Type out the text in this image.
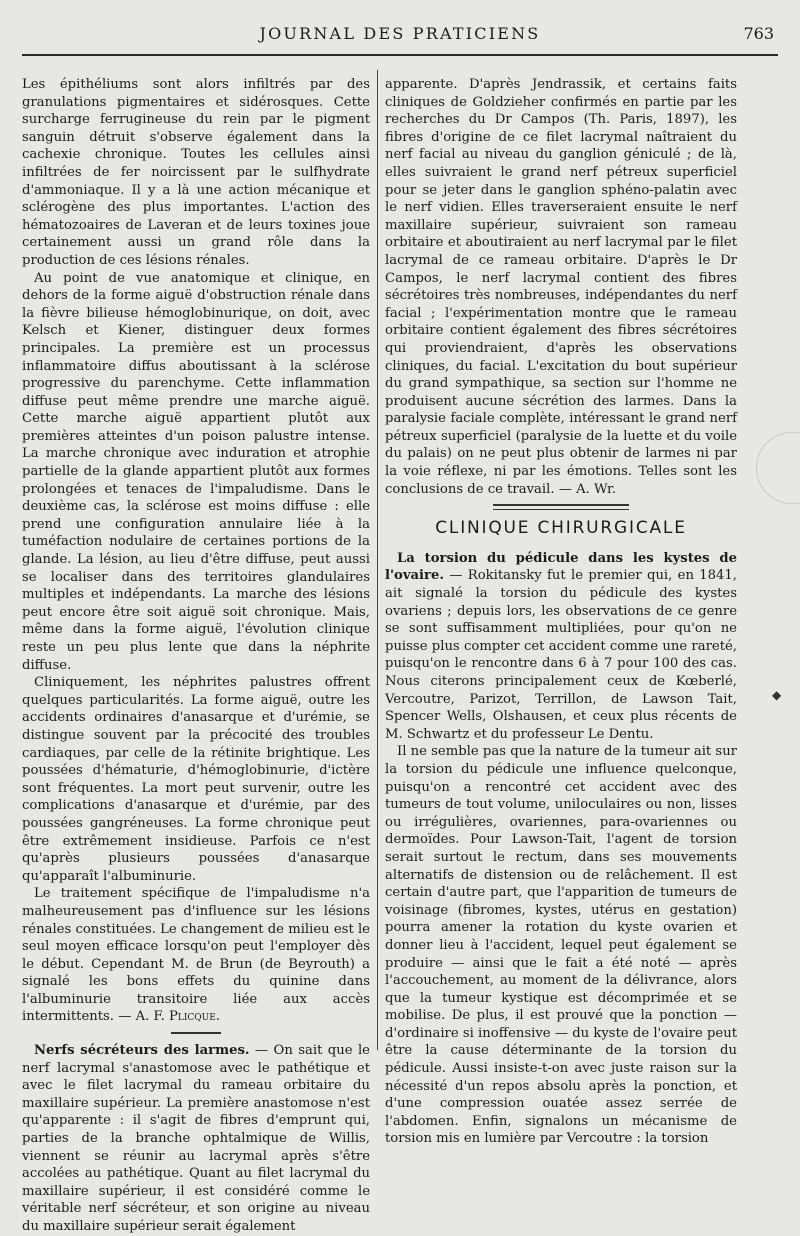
JOURNAL DES PRATICIENS	763

Les épithéliums sont alors infiltrés par des granulations pigmentaires et sidérosques. Cette surcharge ferrugineuse du rein par le pigment sanguin détruit s'observe également dans la cachexie chronique. Toutes les cellules ainsi infiltrées de fer noircissent par le sulfhydrate d'ammoniaque. Il y a là une action mécanique et sclérogène des plus importantes. L'action des hématozoaires de Laveran et de leurs toxines joue certainement aussi un grand rôle dans la production de ces lésions rénales.

Au point de vue anatomique et clinique, en dehors de la forme aiguë d'obstruction rénale dans la fièvre bilieuse hémoglobinurique, on doit, avec Kelsch et Kiener, distinguer deux formes principales. La première est un processus inflammatoire diffus aboutissant à la sclérose progressive du parenchyme. Cette inflammation diffuse peut même prendre une marche aiguë. Cette marche aiguë appartient plutôt aux premières atteintes d'un poison palustre intense. La marche chronique avec induration et atrophie partielle de la glande appartient plutôt aux formes prolongées et tenaces de l'impaludisme. Dans le deuxième cas, la sclérose est moins diffuse : elle prend une configuration annulaire liée à la tuméfaction nodulaire de certaines portions de la glande. La lésion, au lieu d'être diffuse, peut aussi se localiser dans des territoires glandulaires multiples et indépendants. La marche des lésions peut encore être soit aiguë soit chronique. Mais, même dans la forme aiguë, l'évolution clinique reste un peu plus lente que dans la néphrite diffuse.

Cliniquement, les néphrites palustres offrent quelques particularités. La forme aiguë, outre les accidents ordinaires d'anasarque et d'urémie, se distingue souvent par la précocité des troubles cardiaques, par celle de la rétinite brightique. Les poussées d'hématurie, d'hémoglobinurie, d'ictère sont fréquentes. La mort peut survenir, outre les complications d'anasarque et d'urémie, par des poussées gangréneuses. La forme chronique peut être extrêmement insidieuse. Parfois ce n'est qu'après plusieurs poussées d'anasarque qu'apparaît l'albuminurie.

Le traitement spécifique de l'impaludisme n'a malheureusement pas d'influence sur les lésions rénales constituées. Le changement de milieu est le seul moyen efficace lorsqu'on peut l'employer dès le début. Cependant M. de Brun (de Beyrouth) a signalé les bons effets du quinine dans l'albuminurie transitoire liée aux accès intermittents. — A. F. Plicque.

Nerfs sécréteurs des larmes. — On sait que le nerf lacrymal s'anastomose avec le pathétique et avec le filet lacrymal du rameau orbitaire du maxillaire supérieur. La première anastomose n'est qu'apparente : il s'agit de fibres d'emprunt qui, parties de la branche ophtalmique de Willis, viennent se réunir au lacrymal après s'être accolées au pathétique. Quant au filet lacrymal du maxillaire supérieur, il est considéré comme le véritable nerf sécréteur, et son origine au niveau du maxillaire supérieur serait également

apparente. D'après Jendrassik, et certains faits cliniques de Goldzieher confirmés en partie par les recherches du Dr Campos (Th. Paris, 1897), les fibres d'origine de ce filet lacrymal naîtraient du nerf facial au niveau du ganglion géniculé ; de là, elles suivraient le grand nerf pétreux superficiel pour se jeter dans le ganglion sphéno-palatin avec le nerf vidien. Elles traverseraient ensuite le nerf maxillaire supérieur, suivraient son rameau orbitaire et aboutiraient au nerf lacrymal par le filet lacrymal de ce rameau orbitaire. D'après le Dr Campos, le nerf lacrymal contient des fibres sécrétoires très nombreuses, indépendantes du nerf facial ; l'expérimentation montre que le rameau orbitaire contient également des fibres sécrétoires qui proviendraient, d'après les observations cliniques, du facial. L'excitation du bout supérieur du grand sympathique, sa section sur l'homme ne produisent aucune sécrétion des larmes. Dans la paralysie faciale complète, intéressant le grand nerf pétreux superficiel (paralysie de la luette et du voile du palais) on ne peut plus obtenir de larmes ni par la voie réflexe, ni par les émotions. Telles sont les conclusions de ce travail. — A. Wr.

CLINIQUE CHIRURGICALE

La torsion du pédicule dans les kystes de l'ovaire. — Rokitansky fut le premier qui, en 1841, ait signalé la torsion du pédicule des kystes ovariens ; depuis lors, les observations de ce genre se sont suffisamment multipliées, pour qu'on ne puisse plus compter cet accident comme une rareté, puisqu'on le rencontre dans 6 à 7 pour 100 des cas. Nous citerons principalement ceux de Kœberlé, Vercoutre, Parizot, Terrillon, de Lawson Tait, Spencer Wells, Olshausen, et ceux plus récents de M. Schwartz et du professeur Le Dentu.

Il ne semble pas que la nature de la tumeur ait sur la torsion du pédicule une influence quelconque, puisqu'on a rencontré cet accident avec des tumeurs de tout volume, uniloculaires ou non, lisses ou irrégulières, ovariennes, para-ovariennes ou dermoïdes. Pour Lawson-Tait, l'agent de torsion serait surtout le rectum, dans ses mouvements alternatifs de distension ou de relâchement. Il est certain d'autre part, que l'apparition de tumeurs de voisinage (fibromes, kystes, utérus en gestation) pourra amener la rotation du kyste ovarien et donner lieu à l'accident, lequel peut également se produire — ainsi que le fait a été noté — après l'accouchement, au moment de la délivrance, alors que la tumeur kystique est décomprimée et se mobilise. De plus, il est prouvé que la ponction — d'ordinaire si inoffensive — du kyste de l'ovaire peut être la cause déterminante de la torsion du pédicule. Aussi insiste-t-on avec juste raison sur la nécessité d'un repos absolu après la ponction, et d'une compression ouatée assez serrée de l'abdomen. Enfin, signalons un mécanisme de torsion mis en lumière par Vercoutre : la torsion

◆
